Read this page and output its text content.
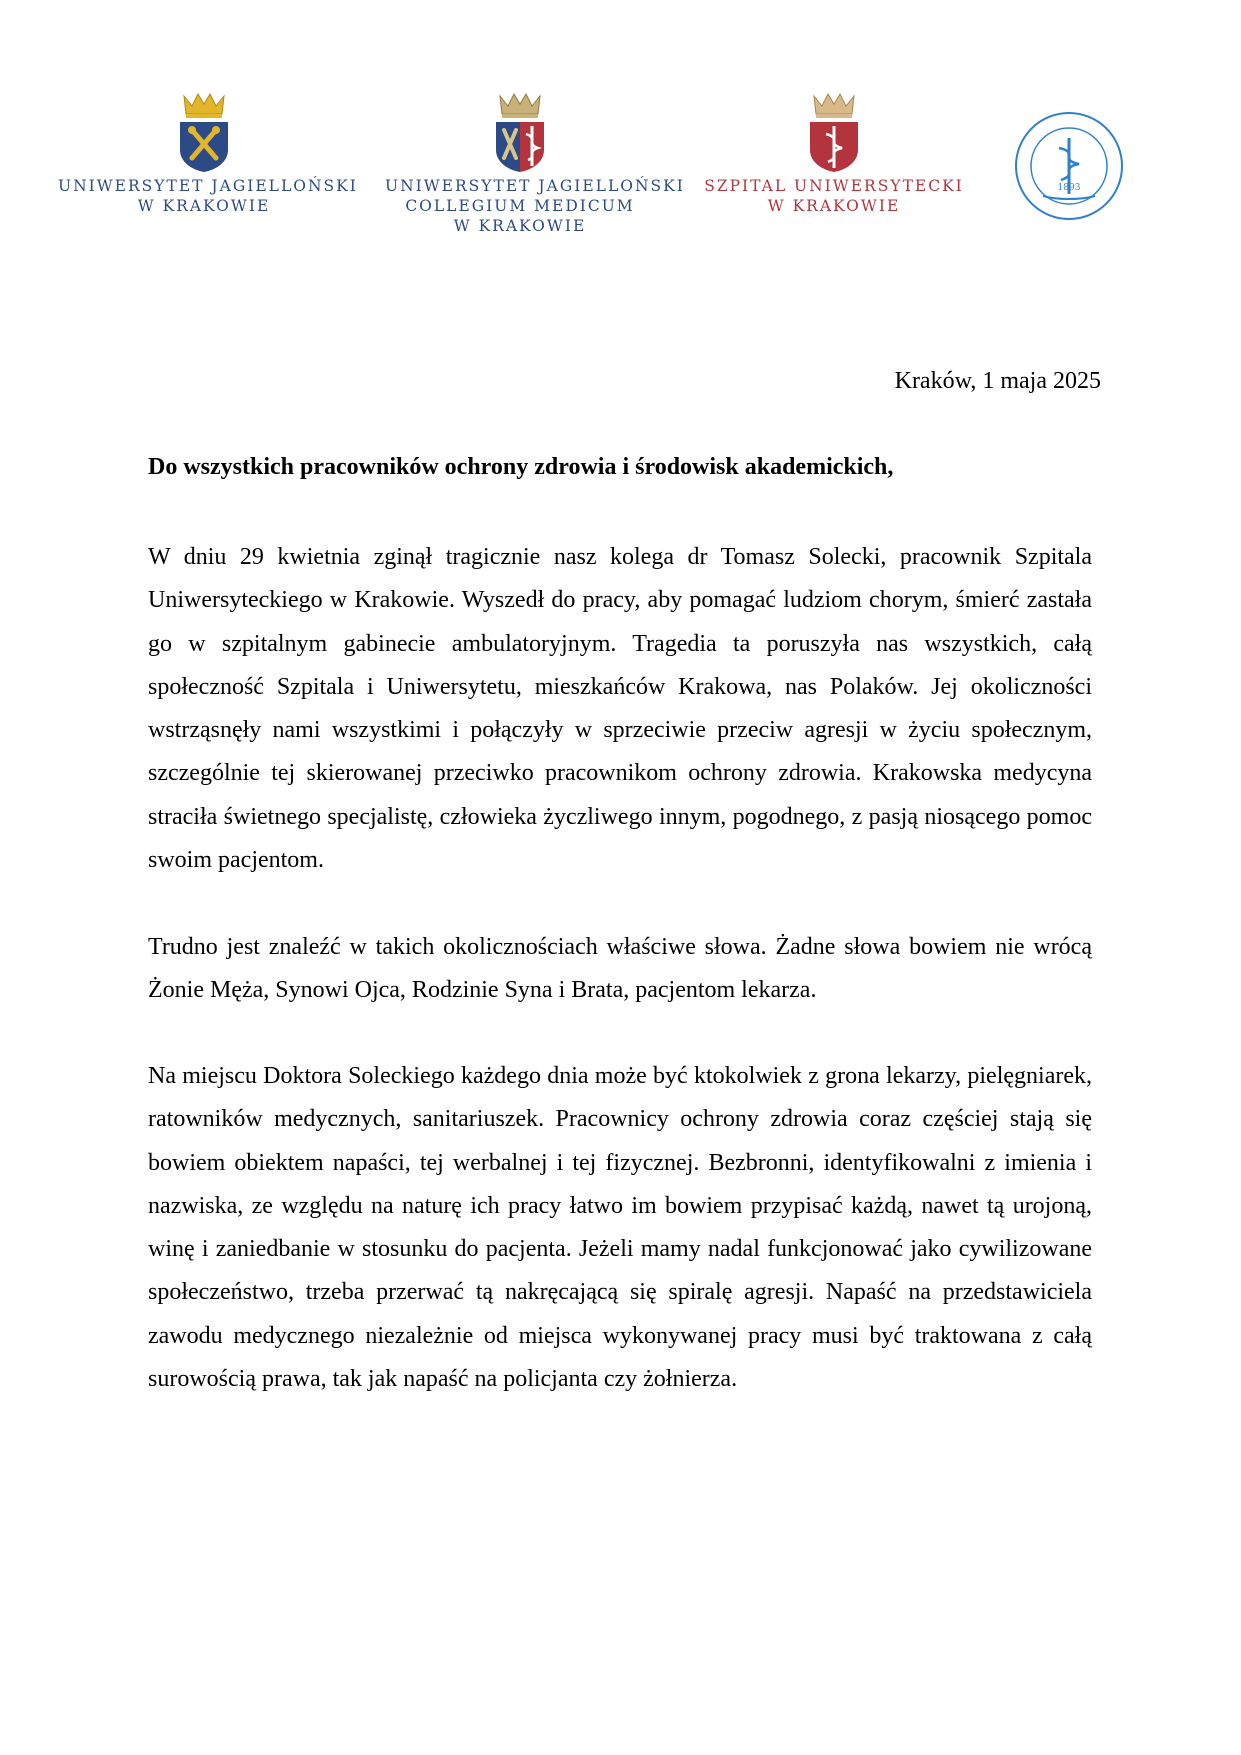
UNIWERSYTET JAGIELLOŃSKI
W KRAKOWIE
UNIWERSYTET JAGIELLOŃSKI
COLLEGIUM MEDICUM
W KRAKOWIE
SZPITAL UNIWERSYTECKI
W KRAKOWIE
1893
Kraków, 1 maja 2025
Do wszystkich pracowników ochrony zdrowia i środowisk akademickich,

W dniu 29 kwietnia zginął tragicznie nasz kolega dr Tomasz Solecki, pracownik Szpitala Uniwersyteckiego w Krakowie. Wyszedł do pracy, aby pomagać ludziom chorym, śmierć zastała go w szpitalnym gabinecie ambulatoryjnym. Tragedia ta poruszyła nas wszystkich, całą społeczność Szpitala i Uniwersytetu, mieszkańców Krakowa, nas Polaków. Jej okoliczności wstrząsnęły nami wszystkimi i połączyły w sprzeciwie przeciw agresji w życiu społecznym, szczególnie tej skierowanej przeciwko pracownikom ochrony zdrowia. Krakowska medycyna straciła świetnego specjalistę, człowieka życzliwego innym, pogodnego, z pasją niosącego pomoc swoim pacjentom.

Trudno jest znaleźć w takich okolicznościach właściwe słowa. Żadne słowa bowiem nie wrócą Żonie Męża, Synowi Ojca, Rodzinie Syna i Brata, pacjentom lekarza.

Na miejscu Doktora Soleckiego każdego dnia może być ktokolwiek z grona lekarzy, pielęgniarek, ratowników medycznych, sanitariuszek. Pracownicy ochrony zdrowia coraz częściej stają się bowiem obiektem napaści, tej werbalnej i tej fizycznej. Bezbronni, identyfikowalni z imienia i nazwiska, ze względu na naturę ich pracy łatwo im bowiem przypisać każdą, nawet tą urojoną, winę i zaniedbanie w stosunku do pacjenta. Jeżeli mamy nadal funkcjonować jako cywilizowane społeczeństwo, trzeba przerwać tą nakręcającą się spiralę agresji. Napaść na przedstawiciela zawodu medycznego niezależnie od miejsca wykonywanej pracy musi być traktowana z całą surowością prawa, tak jak napaść na policjanta czy żołnierza.
